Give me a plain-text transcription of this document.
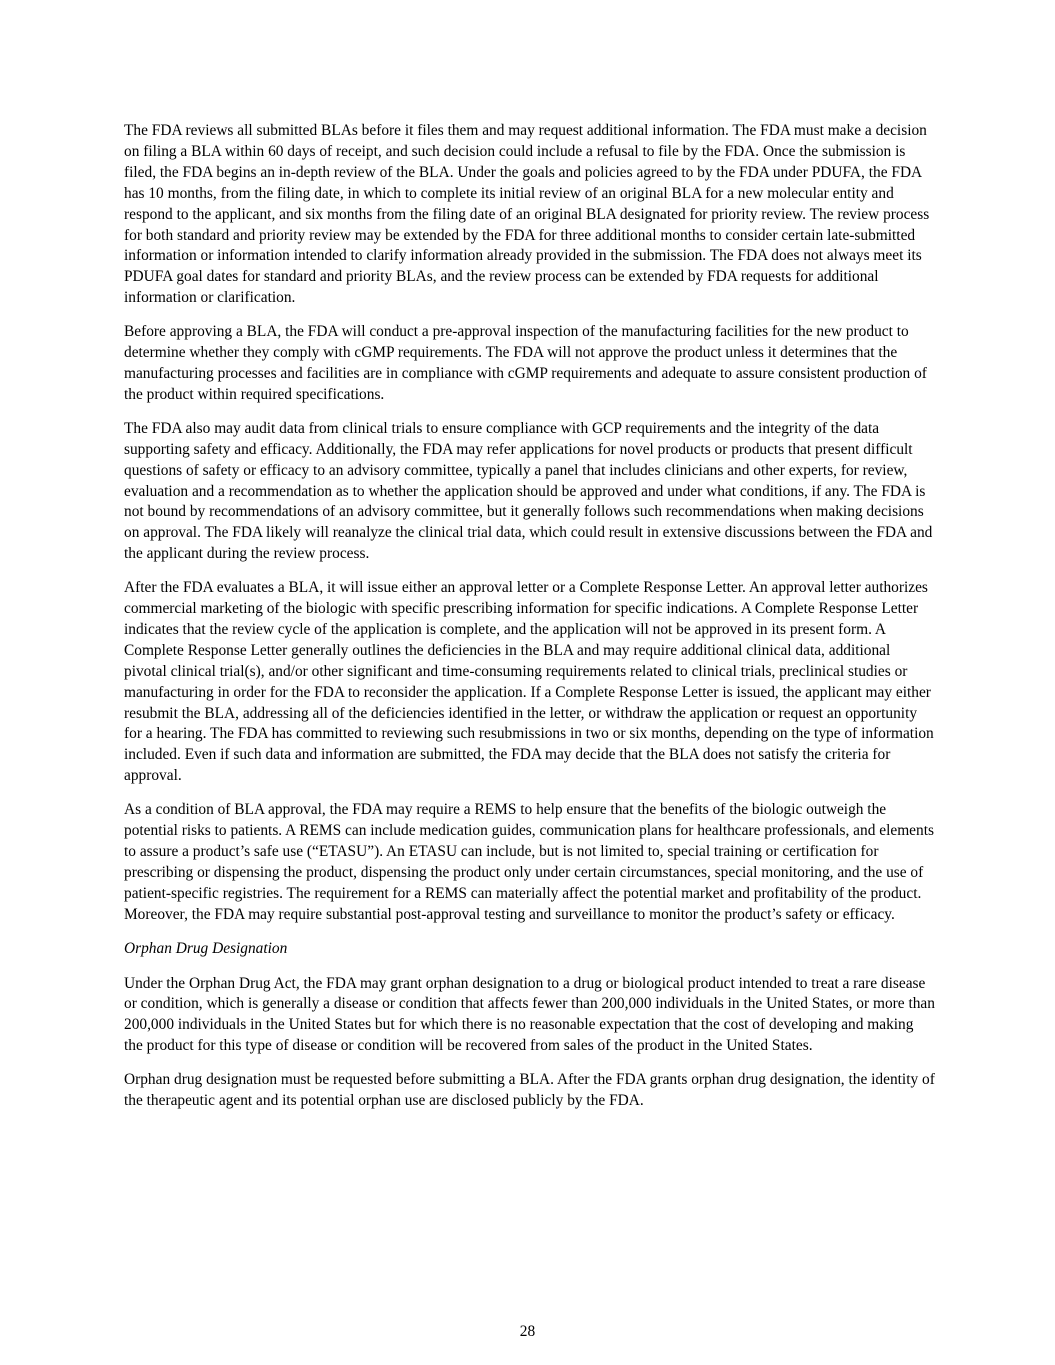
The FDA reviews all submitted BLAs before it files them and may request additional information. The FDA must make a decision on filing a BLA within 60 days of receipt, and such decision could include a refusal to file by the FDA. Once the submission is filed, the FDA begins an in-depth review of the BLA. Under the goals and policies agreed to by the FDA under PDUFA, the FDA has 10 months, from the filing date, in which to complete its initial review of an original BLA for a new molecular entity and respond to the applicant, and six months from the filing date of an original BLA designated for priority review. The review process for both standard and priority review may be extended by the FDA for three additional months to consider certain late-submitted information or information intended to clarify information already provided in the submission. The FDA does not always meet its PDUFA goal dates for standard and priority BLAs, and the review process can be extended by FDA requests for additional information or clarification.

Before approving a BLA, the FDA will conduct a pre-approval inspection of the manufacturing facilities for the new product to determine whether they comply with cGMP requirements. The FDA will not approve the product unless it determines that the manufacturing processes and facilities are in compliance with cGMP requirements and adequate to assure consistent production of the product within required specifications.

The FDA also may audit data from clinical trials to ensure compliance with GCP requirements and the integrity of the data supporting safety and efficacy. Additionally, the FDA may refer applications for novel products or products that present difficult questions of safety or efficacy to an advisory committee, typically a panel that includes clinicians and other experts, for review, evaluation and a recommendation as to whether the application should be approved and under what conditions, if any. The FDA is not bound by recommendations of an advisory committee, but it generally follows such recommendations when making decisions on approval. The FDA likely will reanalyze the clinical trial data, which could result in extensive discussions between the FDA and the applicant during the review process.

After the FDA evaluates a BLA, it will issue either an approval letter or a Complete Response Letter. An approval letter authorizes commercial marketing of the biologic with specific prescribing information for specific indications. A Complete Response Letter indicates that the review cycle of the application is complete, and the application will not be approved in its present form. A Complete Response Letter generally outlines the deficiencies in the BLA and may require additional clinical data, additional pivotal clinical trial(s), and/or other significant and time-consuming requirements related to clinical trials, preclinical studies or manufacturing in order for the FDA to reconsider the application. If a Complete Response Letter is issued, the applicant may either resubmit the BLA, addressing all of the deficiencies identified in the letter, or withdraw the application or request an opportunity for a hearing. The FDA has committed to reviewing such resubmissions in two or six months, depending on the type of information included. Even if such data and information are submitted, the FDA may decide that the BLA does not satisfy the criteria for approval.

As a condition of BLA approval, the FDA may require a REMS to help ensure that the benefits of the biologic outweigh the potential risks to patients. A REMS can include medication guides, communication plans for healthcare professionals, and elements to assure a product’s safe use (“ETASU”). An ETASU can include, but is not limited to, special training or certification for prescribing or dispensing the product, dispensing the product only under certain circumstances, special monitoring, and the use of patient-specific registries. The requirement for a REMS can materially affect the potential market and profitability of the product. Moreover, the FDA may require substantial post-approval testing and surveillance to monitor the product’s safety or efficacy.

Orphan Drug Designation

Under the Orphan Drug Act, the FDA may grant orphan designation to a drug or biological product intended to treat a rare disease or condition, which is generally a disease or condition that affects fewer than 200,000 individuals in the United States, or more than 200,000 individuals in the United States but for which there is no reasonable expectation that the cost of developing and making the product for this type of disease or condition will be recovered from sales of the product in the United States.

Orphan drug designation must be requested before submitting a BLA. After the FDA grants orphan drug designation, the identity of the therapeutic agent and its potential orphan use are disclosed publicly by the FDA.

28
